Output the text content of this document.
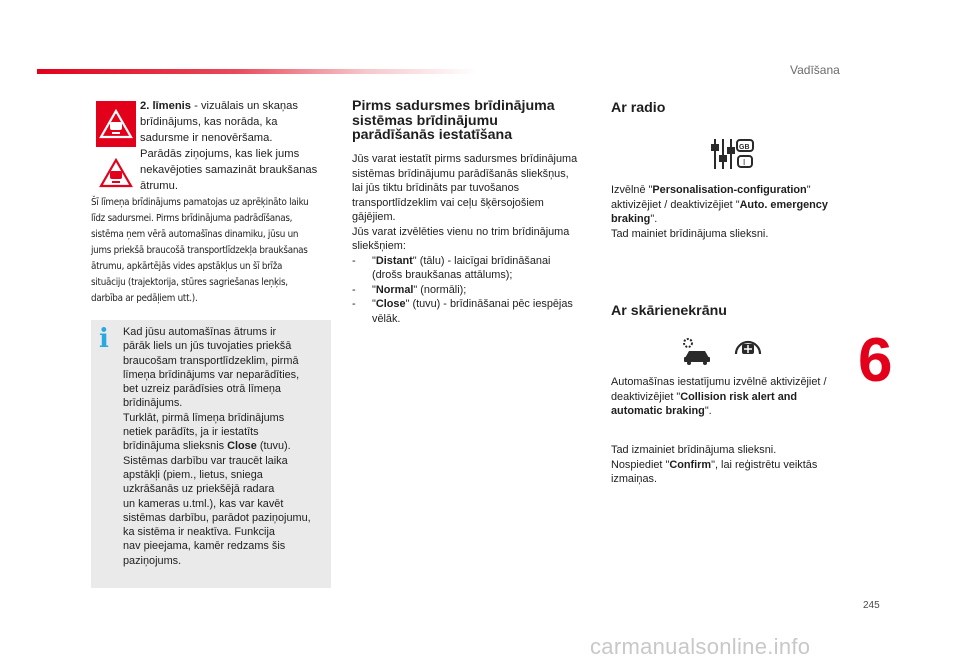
Vadīšana
2. līmenis - vizuālais un skaņas
brīdinājums, kas norāda, ka
sadursme ir nenovēršama.
Parādās ziņojums, kas liek jums
nekavējoties samazināt braukšanas
ātrumu.
Šī līmeņa brīdinājums pamatojas uz aprēķināto laiku
līdz sadursmei. Pirms brīdinājuma padrādīšanas,
sistēma ņem vērā automašīnas dinamiku, jūsu un
jums priekšā braucošā transportlīdzekļa braukšanas
ātrumu, apkārtējās vides apstākļus un šī brīža
situāciju (trajektorija, stūres sagriešanas leņķis,
darbība ar pedāļiem utt.).
i	Kad jūsu automašīnas ātrums ir
pārāk liels un jūs tuvojaties priekšā
braucošam transportlīdzeklim, pirmā
līmeņa brīdinājums var neparādīties,
bet uzreiz parādīsies otrā līmeņa
brīdinājums.
Turklāt, pirmā līmeņa brīdinājums
netiek parādīts, ja ir iestatīts
brīdinājuma slieksnis Close (tuvu).
Sistēmas darbību var traucēt laika
apstākļi (piem., lietus, sniega
uzkrāšanās uz priekšējā radara
un kameras u.tml.), kas var kavēt
sistēmas darbību, parādot paziņojumu,
ka sistēma ir neaktīva. Funkcija
nav pieejama, kamēr redzams šis
paziņojums.
Pirms sadursmes brīdinājuma
sistēmas brīdinājumu
parādīšanās iestatīšana
Jūs varat iestatīt pirms sadursmes brīdinājuma
sistēmas brīdinājumu parādīšanās sliekšņus,
lai jūs tiktu brīdināts par tuvošanos
transportlīdzeklim vai ceļu šķērsojošiem
gājējiem.
Jūs varat izvēlēties vienu no trim brīdinājuma
sliekšņiem:
- "Distant" (tālu) - laicīgai brīdināšanai
(drošs braukšanas attālums);
- "Normal" (normāli);
- "Close" (tuvu) - brīdināšanai pēc iespējas
vēlāk.
Ar radio
GB
I
Izvēlnē "Personalisation-configuration"
aktivizējiet / deaktivizējiet "Auto. emergency
braking".
Tad mainiet brīdinājuma slieksni.
Ar skārienekrānu
Automašīnas iestatījumu izvēlnē aktivizējiet /
deaktivizējiet "Collision risk alert and
automatic braking".
Tad izmainiet brīdinājuma slieksni.
Nospiediet "Confirm", lai reģistrētu veiktās
izmaiņas.
6
245
carmanualsonline.info
